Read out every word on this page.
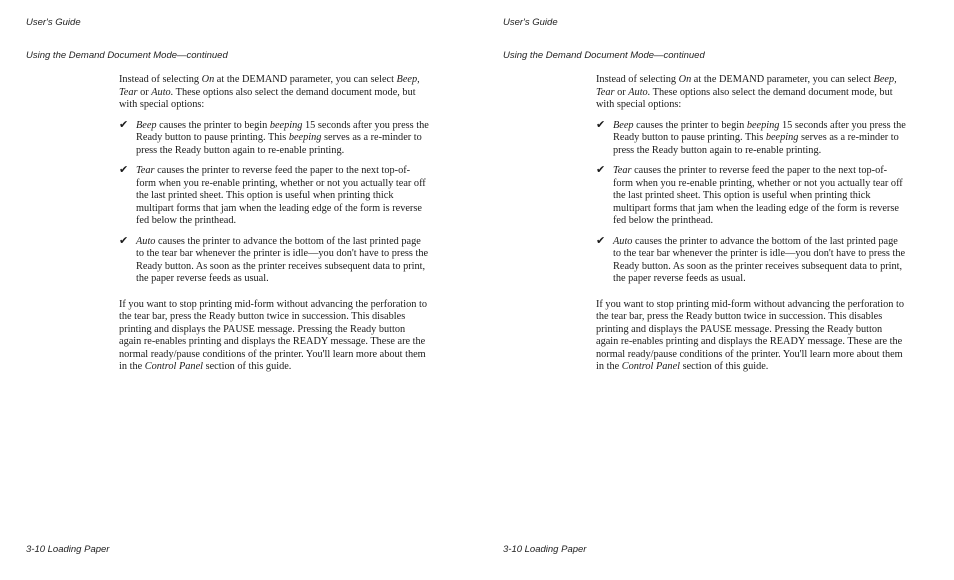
User's Guide
Using the Demand Document Mode—continued

Instead of selecting On at the DEMAND parameter, you can select Beep, Tear or Auto. These options also select the demand document mode, but with special options:

✔ Beep causes the printer to begin beeping 15 seconds after you press the Ready button to pause printing. This beeping serves as a re-minder to press the Ready button again to re-enable printing.
✔ Tear causes the printer to reverse feed the paper to the next top-of-form when you re-enable printing, whether or not you actually tear off the last printed sheet. This option is useful when printing thick multipart forms that jam when the leading edge of the form is reverse fed below the printhead.
✔ Auto causes the printer to advance the bottom of the last printed page to the tear bar whenever the printer is idle—you don't have to press the Ready button. As soon as the printer receives subsequent data to print, the paper reverse feeds as usual.

If you want to stop printing mid-form without advancing the perforation to the tear bar, press the Ready button twice in succession. This disables printing and displays the PAUSE message. Pressing the Ready button again re-enables printing and displays the READY message. These are the normal ready/pause conditions of the printer. You'll learn more about them in the Control Panel section of this guide.

3-10 Loading Paper
User's Guide
Using the Demand Document Mode—continued

Instead of selecting On at the DEMAND parameter, you can select Beep, Tear or Auto. These options also select the demand document mode, but with special options:

✔ Beep causes the printer to begin beeping 15 seconds after you press the Ready button to pause printing. This beeping serves as a re-minder to press the Ready button again to re-enable printing.
✔ Tear causes the printer to reverse feed the paper to the next top-of-form when you re-enable printing, whether or not you actually tear off the last printed sheet. This option is useful when printing thick multipart forms that jam when the leading edge of the form is reverse fed below the printhead.
✔ Auto causes the printer to advance the bottom of the last printed page to the tear bar whenever the printer is idle—you don't have to press the Ready button. As soon as the printer receives subsequent data to print, the paper reverse feeds as usual.

If you want to stop printing mid-form without advancing the perforation to the tear bar, press the Ready button twice in succession. This disables printing and displays the PAUSE message. Pressing the Ready button again re-enables printing and displays the READY message. These are the normal ready/pause conditions of the printer. You'll learn more about them in the Control Panel section of this guide.

3-10 Loading Paper
